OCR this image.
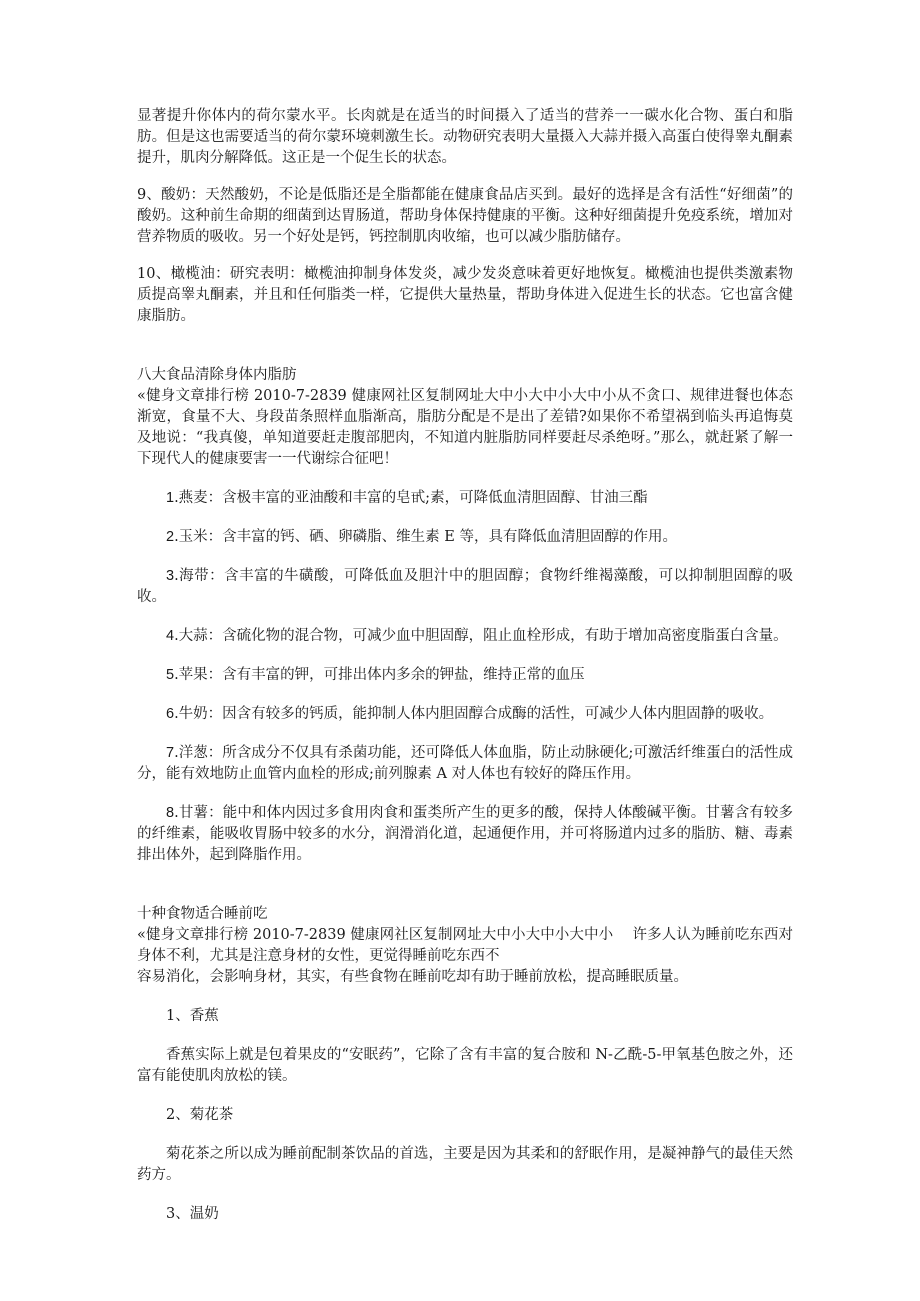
显著提升你体内的荷尔蒙水平。长肉就是在适当的时间摄入了适当的营养一一碳水化合物、蛋白和脂肪。但是这也需要适当的荷尔蒙环境刺激生长。动物研究表明大量摄入大蒜并摄入高蛋白使得睾丸酮素提升，肌肉分解降低。这正是一个促生长的状态。

9、酸奶：天然酸奶，不论是低脂还是全脂都能在健康食品店买到。最好的选择是含有活性“好细菌”的酸奶。这种前生命期的细菌到达胃肠道，帮助身体保持健康的平衡。这种好细菌提升免疫系统，增加对营养物质的吸收。另一个好处是钙，钙控制肌肉收缩，也可以减少脂肪储存。

10、橄榄油：研究表明：橄榄油抑制身体发炎，减少发炎意味着更好地恢复。橄榄油也提供类激素物质提高睾丸酮素，并且和任何脂类一样，它提供大量热量，帮助身体进入促进生长的状态。它也富含健康脂肪。

八大食品清除身体内脂肪

«健身文章排行榜 2010-7-2839 健康网社区复制网址大中小大中小大中小从不贪口、规律进餐也体态渐宽，食量不大、身段苗条照样血脂渐高，脂肪分配是不是出了差错?如果你不希望祸到临头再追悔莫及地说：“我真傻，单知道要赶走腹部肥肉，不知道内脏脂肪同样要赶尽杀绝呀。”那么，就赶紧了解一下现代人的健康要害一一代谢综合征吧！

1.燕麦：含极丰富的亚油酸和丰富的皂甙;素，可降低血清胆固醇、甘油三酯

2.玉米：含丰富的钙、硒、卵磷脂、维生素 E 等，具有降低血清胆固醇的作用。

3.海带：含丰富的牛磺酸，可降低血及胆汁中的胆固醇；食物纤维褐藻酸，可以抑制胆固醇的吸收。

4.大蒜：含硫化物的混合物，可减少血中胆固醇，阻止血栓形成，有助于增加高密度脂蛋白含量。

5.苹果：含有丰富的钾，可排出体内多余的钾盐，维持正常的血压

6.牛奶：因含有较多的钙质，能抑制人体内胆固醇合成酶的活性，可减少人体内胆固静的吸收。

7.洋葱：所含成分不仅具有杀菌功能，还可降低人体血脂，防止动脉硬化;可激活纤维蛋白的活性成分，能有效地防止血管内血栓的形成;前列腺素 A 对人体也有较好的降压作用。

8.甘薯：能中和体内因过多食用肉食和蛋类所产生的更多的酸，保持人体酸碱平衡。甘薯含有较多的纤维素，能吸收胃肠中较多的水分，润滑消化道，起通便作用，并可将肠道内过多的脂肪、糖、毒素排出体外，起到降脂作用。

十种食物适合睡前吃

«健身文章排行榜 2010-7-2839 健康网社区复制网址大中小大中小大中小　 许多人认为睡前吃东西对身体不利，尤其是注意身材的女性，更觉得睡前吃东西不

容易消化，会影响身材，其实，有些食物在睡前吃却有助于睡前放松，提高睡眠质量。

1、香蕉

香蕉实际上就是包着果皮的“安眠药”，它除了含有丰富的复合胺和 N-乙酰-5-甲氧基色胺之外，还富有能使肌肉放松的镁。

2、菊花茶

菊花茶之所以成为睡前配制茶饮品的首选，主要是因为其柔和的舒眠作用，是凝神静气的最佳天然药方。

3、温奶
